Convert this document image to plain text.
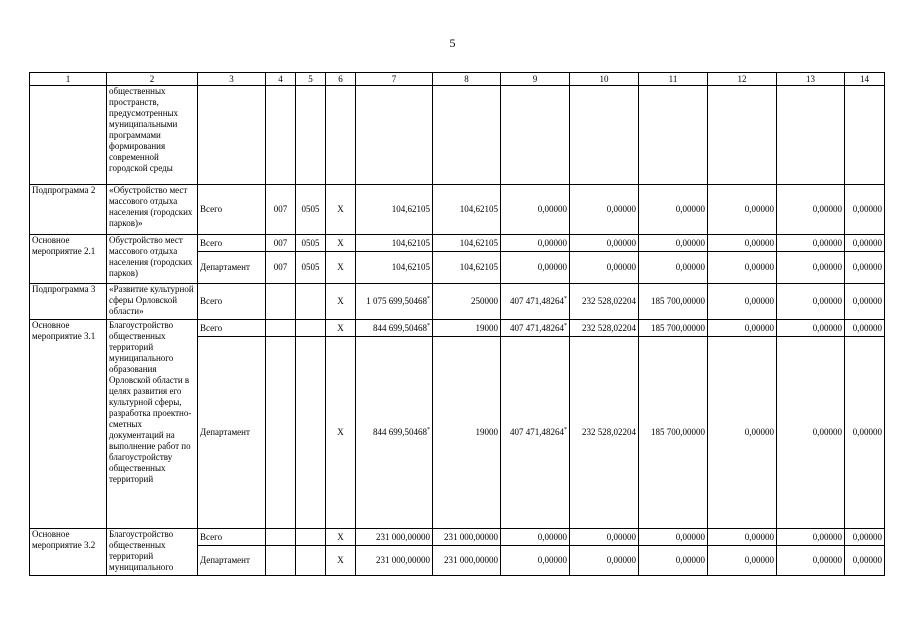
5
1	2	3	4	5	6	7	8	9	10	11	12	13	14
	общественных пространств, предусмотренных муниципальными программами формирования современной городской среды												
Подпрограмма 2	«Обустройство мест массового отдыха населения (городских парков)»	Всего	007	0505	X	104,62105	104,62105	0,00000	0,00000	0,00000	0,00000	0,00000	0,00000
Основное мероприятие 2.1	Обустройство мест массового отдыха населения (городских парков)	Всего	007	0505	X	104,62105	104,62105	0,00000	0,00000	0,00000	0,00000	0,00000	0,00000
		Департамент	007	0505	X	104,62105	104,62105	0,00000	0,00000	0,00000	0,00000	0,00000	0,00000
Подпрограмма 3	«Развитие культурной сферы Орловской области»	Всего			X	1 075 699,50468*	250000	407 471,48264*	232 528,02204	185 700,00000	0,00000	0,00000	0,00000
Основное мероприятие 3.1	Благоустройство общественных территорий муниципального образования Орловской области в целях развития его культурной сферы, разработка проектно-сметных документаций на выполнение работ по благоустройству общественных территорий	Всего			X	844 699,50468*	19000	407 471,48264*	232 528,02204	185 700,00000	0,00000	0,00000	0,00000
		Департамент			X	844 699,50468*	19000	407 471,48264*	232 528,02204	185 700,00000	0,00000	0,00000	0,00000
Основное мероприятие 3.2	Благоустройство общественных территорий муниципального	Всего			X	231 000,00000	231 000,00000	0,00000	0,00000	0,00000	0,00000	0,00000	0,00000
		Департамент			X	231 000,00000	231 000,00000	0,00000	0,00000	0,00000	0,00000	0,00000	0,00000
